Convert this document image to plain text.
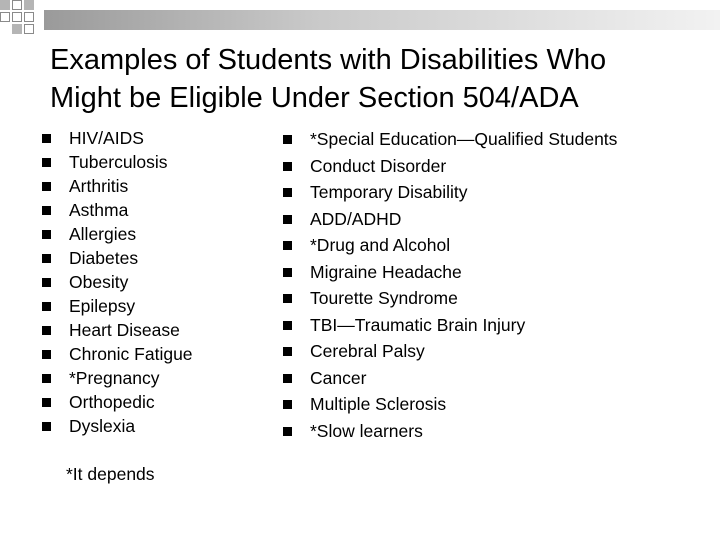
Examples of Students with Disabilities Who
Might be Eligible Under Section 504/ADA
HIV/AIDS
Tuberculosis
Arthritis
Asthma
Allergies
Diabetes
Obesity
Epilepsy
Heart Disease
Chronic Fatigue
*Pregnancy
Orthopedic
Dyslexia
*Special Education—Qualified Students
Conduct Disorder
Temporary Disability
ADD/ADHD
*Drug and Alcohol
Migraine Headache
Tourette Syndrome
TBI—Traumatic Brain Injury
Cerebral Palsy
Cancer
Multiple Sclerosis
*Slow learners
*It depends
